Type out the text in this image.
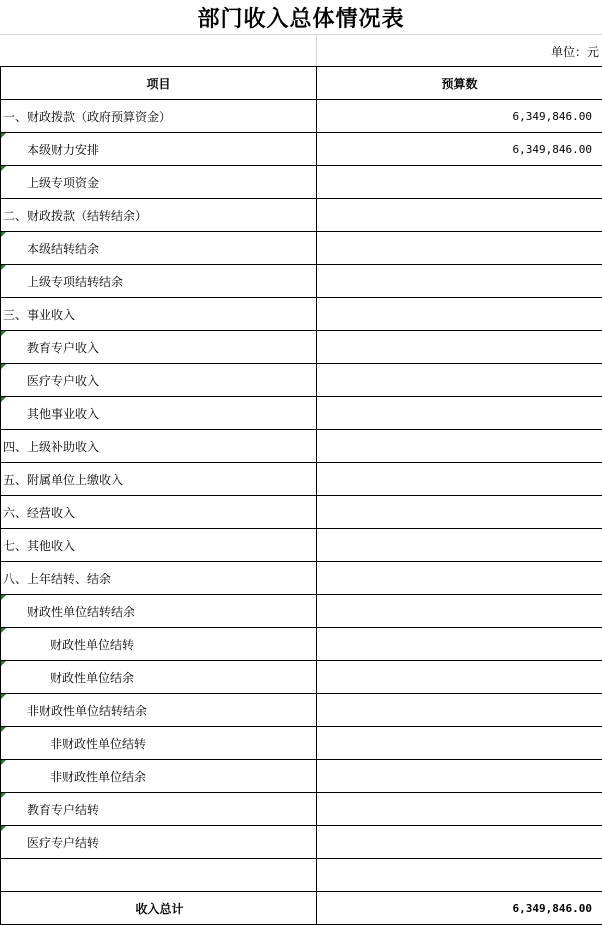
部门收入总体情况表
单位：元
项目	预算数
一、财政拨款（政府预算资金）	6,349,846.00
本级财力安排	6,349,846.00
上级专项资金	
二、财政拨款（结转结余）	
本级结转结余	
上级专项结转结余	
三、事业收入	
教育专户收入	
医疗专户收入	
其他事业收入	
四、上级补助收入	
五、附属单位上缴收入	
六、经营收入	
七、其他收入	
八、上年结转、结余	
财政性单位结转结余	
财政性单位结转	
财政性单位结余	
非财政性单位结转结余	
非财政性单位结转	
非财政性单位结余	
教育专户结转	
医疗专户结转	

收入总计	6,349,846.00
